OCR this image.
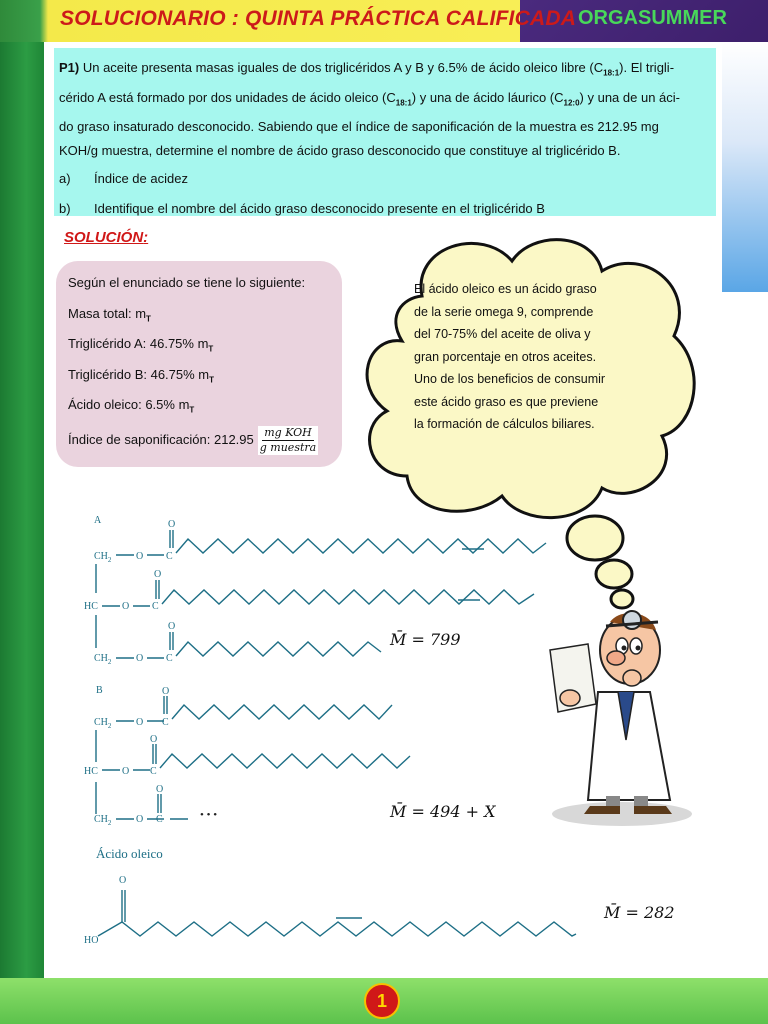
SOLUCIONARIO : QUINTA PRÁCTICA CALIFICADA ORGASUMMER

P1) Un aceite presenta masas iguales de dos triglicéridos A y B y 6.5% de ácido oleico libre $(C_{18:1})$. El trigli-
cérido A está formado por dos unidades de ácido oleico $(C_{18:1})$ y una de ácido láurico $(C_{12:0})$ y una de un áci-
do graso insaturado desconocido. Sabiendo que el índice de saponificación de la muestra es 212.95 mg
KOH/g muestra, determine el nombre de ácido graso desconocido que constituye al triglicérido B.

a)	Índice de acidez
b)	Identifique el nombre del ácido graso desconocido presente en el triglicérido B
SOLUCIÓN:
Según el enunciado se tiene lo siguiente:
Masa total: $m_T$
Triglicérido A: 46.75% $m_T$
Triglicérido B: 46.75% $m_T$
Ácido oleico: 6.5% $m_T$
Índice de saponificación: $212.95 \frac{\text{mg KOH}}{\text{g muestra}}$
El ácido oleico es un ácido graso
de la serie omega 9, comprende
del 70-75% del aceite de oliva y
gran porcentaje en otros aceites.
Uno de los beneficios de consumir
este ácido graso es que previene
la formación de cálculos biliares.
A	O
O
O
$CH_2$ O C
HC O C
$CH_2$ O C
B	O
O
O
$CH_2$ O C
HC O C
$CH_2$ O C	• • •
Ácido oleico
O
HO
M̄ = 799
M̄ = 494 + X
M̄ = 282
1
